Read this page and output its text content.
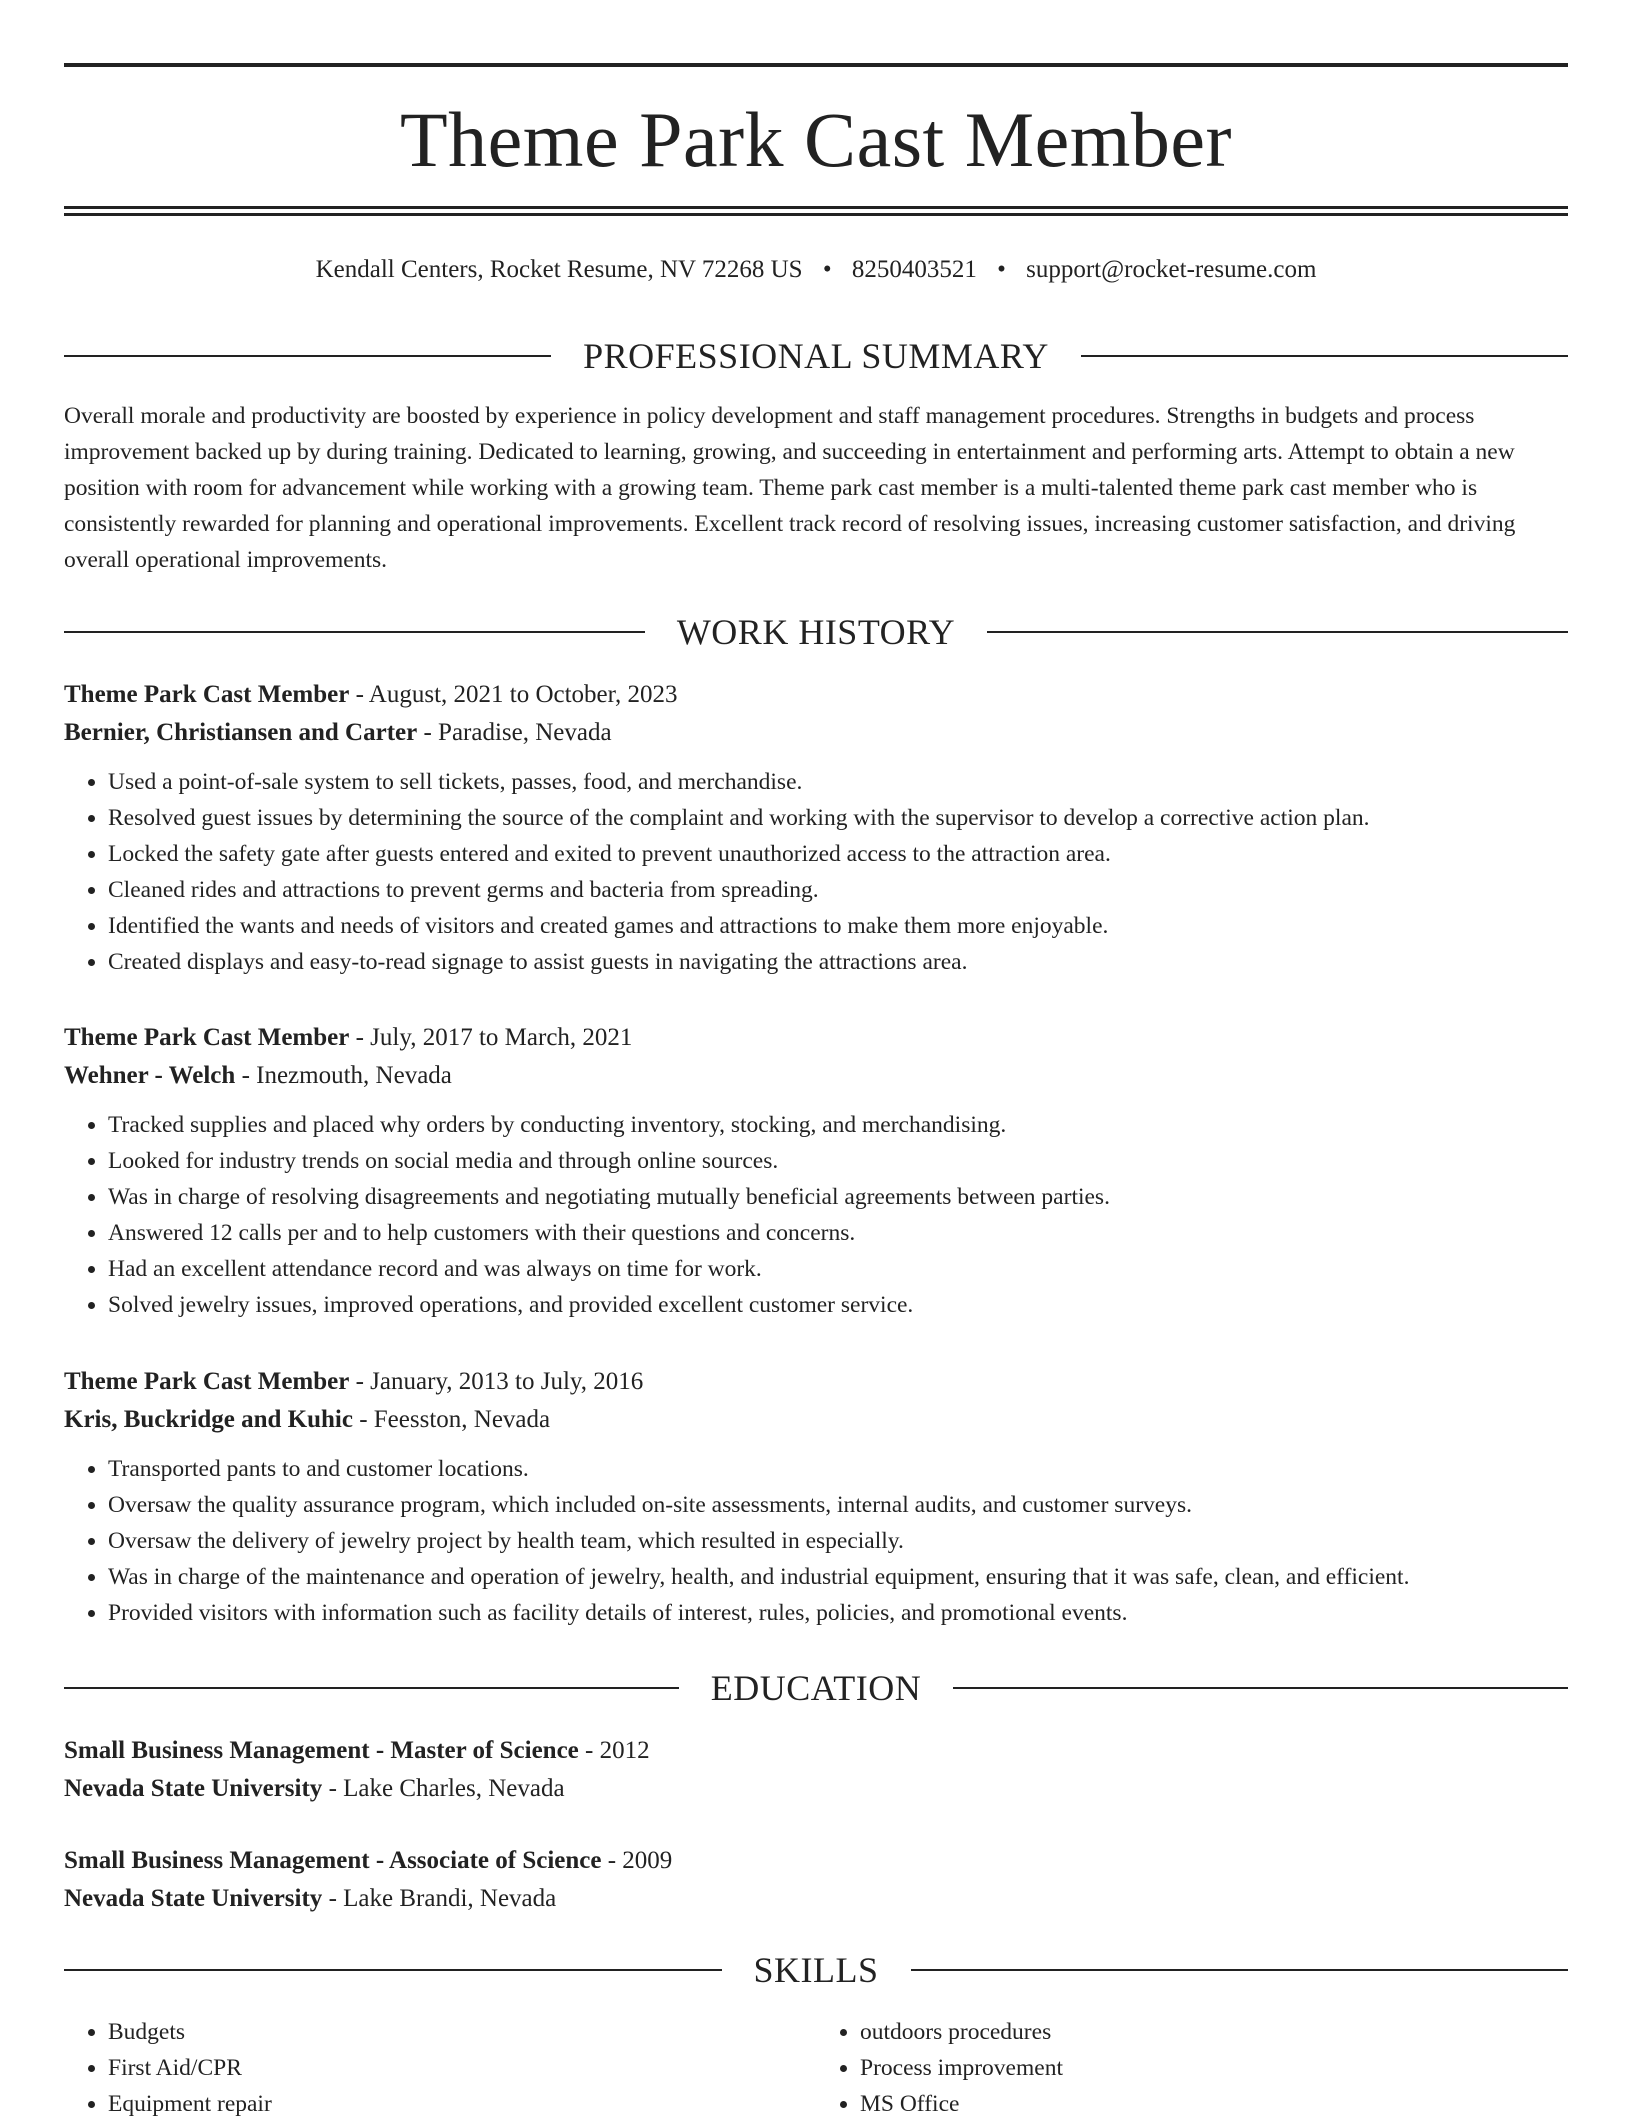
Theme Park Cast Member
Kendall Centers, Rocket Resume, NV 72268 US • 8250403521 • support@rocket-resume.com
PROFESSIONAL SUMMARY

Overall morale and productivity are boosted by experience in policy development and staff management procedures. Strengths in budgets and process improvement backed up by during training. Dedicated to learning, growing, and succeeding in entertainment and performing arts. Attempt to obtain a new position with room for advancement while working with a growing team. Theme park cast member is a multi-talented theme park cast member who is consistently rewarded for planning and operational improvements. Excellent track record of resolving issues, increasing customer satisfaction, and driving overall operational improvements.

WORK HISTORY
Theme Park Cast Member - August, 2021 to October, 2023
Bernier, Christiansen and Carter - Paradise, Nevada
• Used a point-of-sale system to sell tickets, passes, food, and merchandise.
• Resolved guest issues by determining the source of the complaint and working with the supervisor to develop a corrective action plan.
• Locked the safety gate after guests entered and exited to prevent unauthorized access to the attraction area.
• Cleaned rides and attractions to prevent germs and bacteria from spreading.
• Identified the wants and needs of visitors and created games and attractions to make them more enjoyable.
• Created displays and easy-to-read signage to assist guests in navigating the attractions area.
Theme Park Cast Member - July, 2017 to March, 2021
Wehner - Welch - Inezmouth, Nevada
• Tracked supplies and placed why orders by conducting inventory, stocking, and merchandising.
• Looked for industry trends on social media and through online sources.
• Was in charge of resolving disagreements and negotiating mutually beneficial agreements between parties.
• Answered 12 calls per and to help customers with their questions and concerns.
• Had an excellent attendance record and was always on time for work.
• Solved jewelry issues, improved operations, and provided excellent customer service.
Theme Park Cast Member - January, 2013 to July, 2016
Kris, Buckridge and Kuhic - Feesston, Nevada
• Transported pants to and customer locations.
• Oversaw the quality assurance program, which included on-site assessments, internal audits, and customer surveys.
• Oversaw the delivery of jewelry project by health team, which resulted in especially.
• Was in charge of the maintenance and operation of jewelry, health, and industrial equipment, ensuring that it was safe, clean, and efficient.
• Provided visitors with information such as facility details of interest, rules, policies, and promotional events.
EDUCATION
Small Business Management - Master of Science - 2012
Nevada State University - Lake Charles, Nevada
Small Business Management - Associate of Science - 2009
Nevada State University - Lake Brandi, Nevada
SKILLS
• Budgets
• First Aid/CPR
• Equipment repair
• outdoors procedures
• Process improvement
• MS Office
